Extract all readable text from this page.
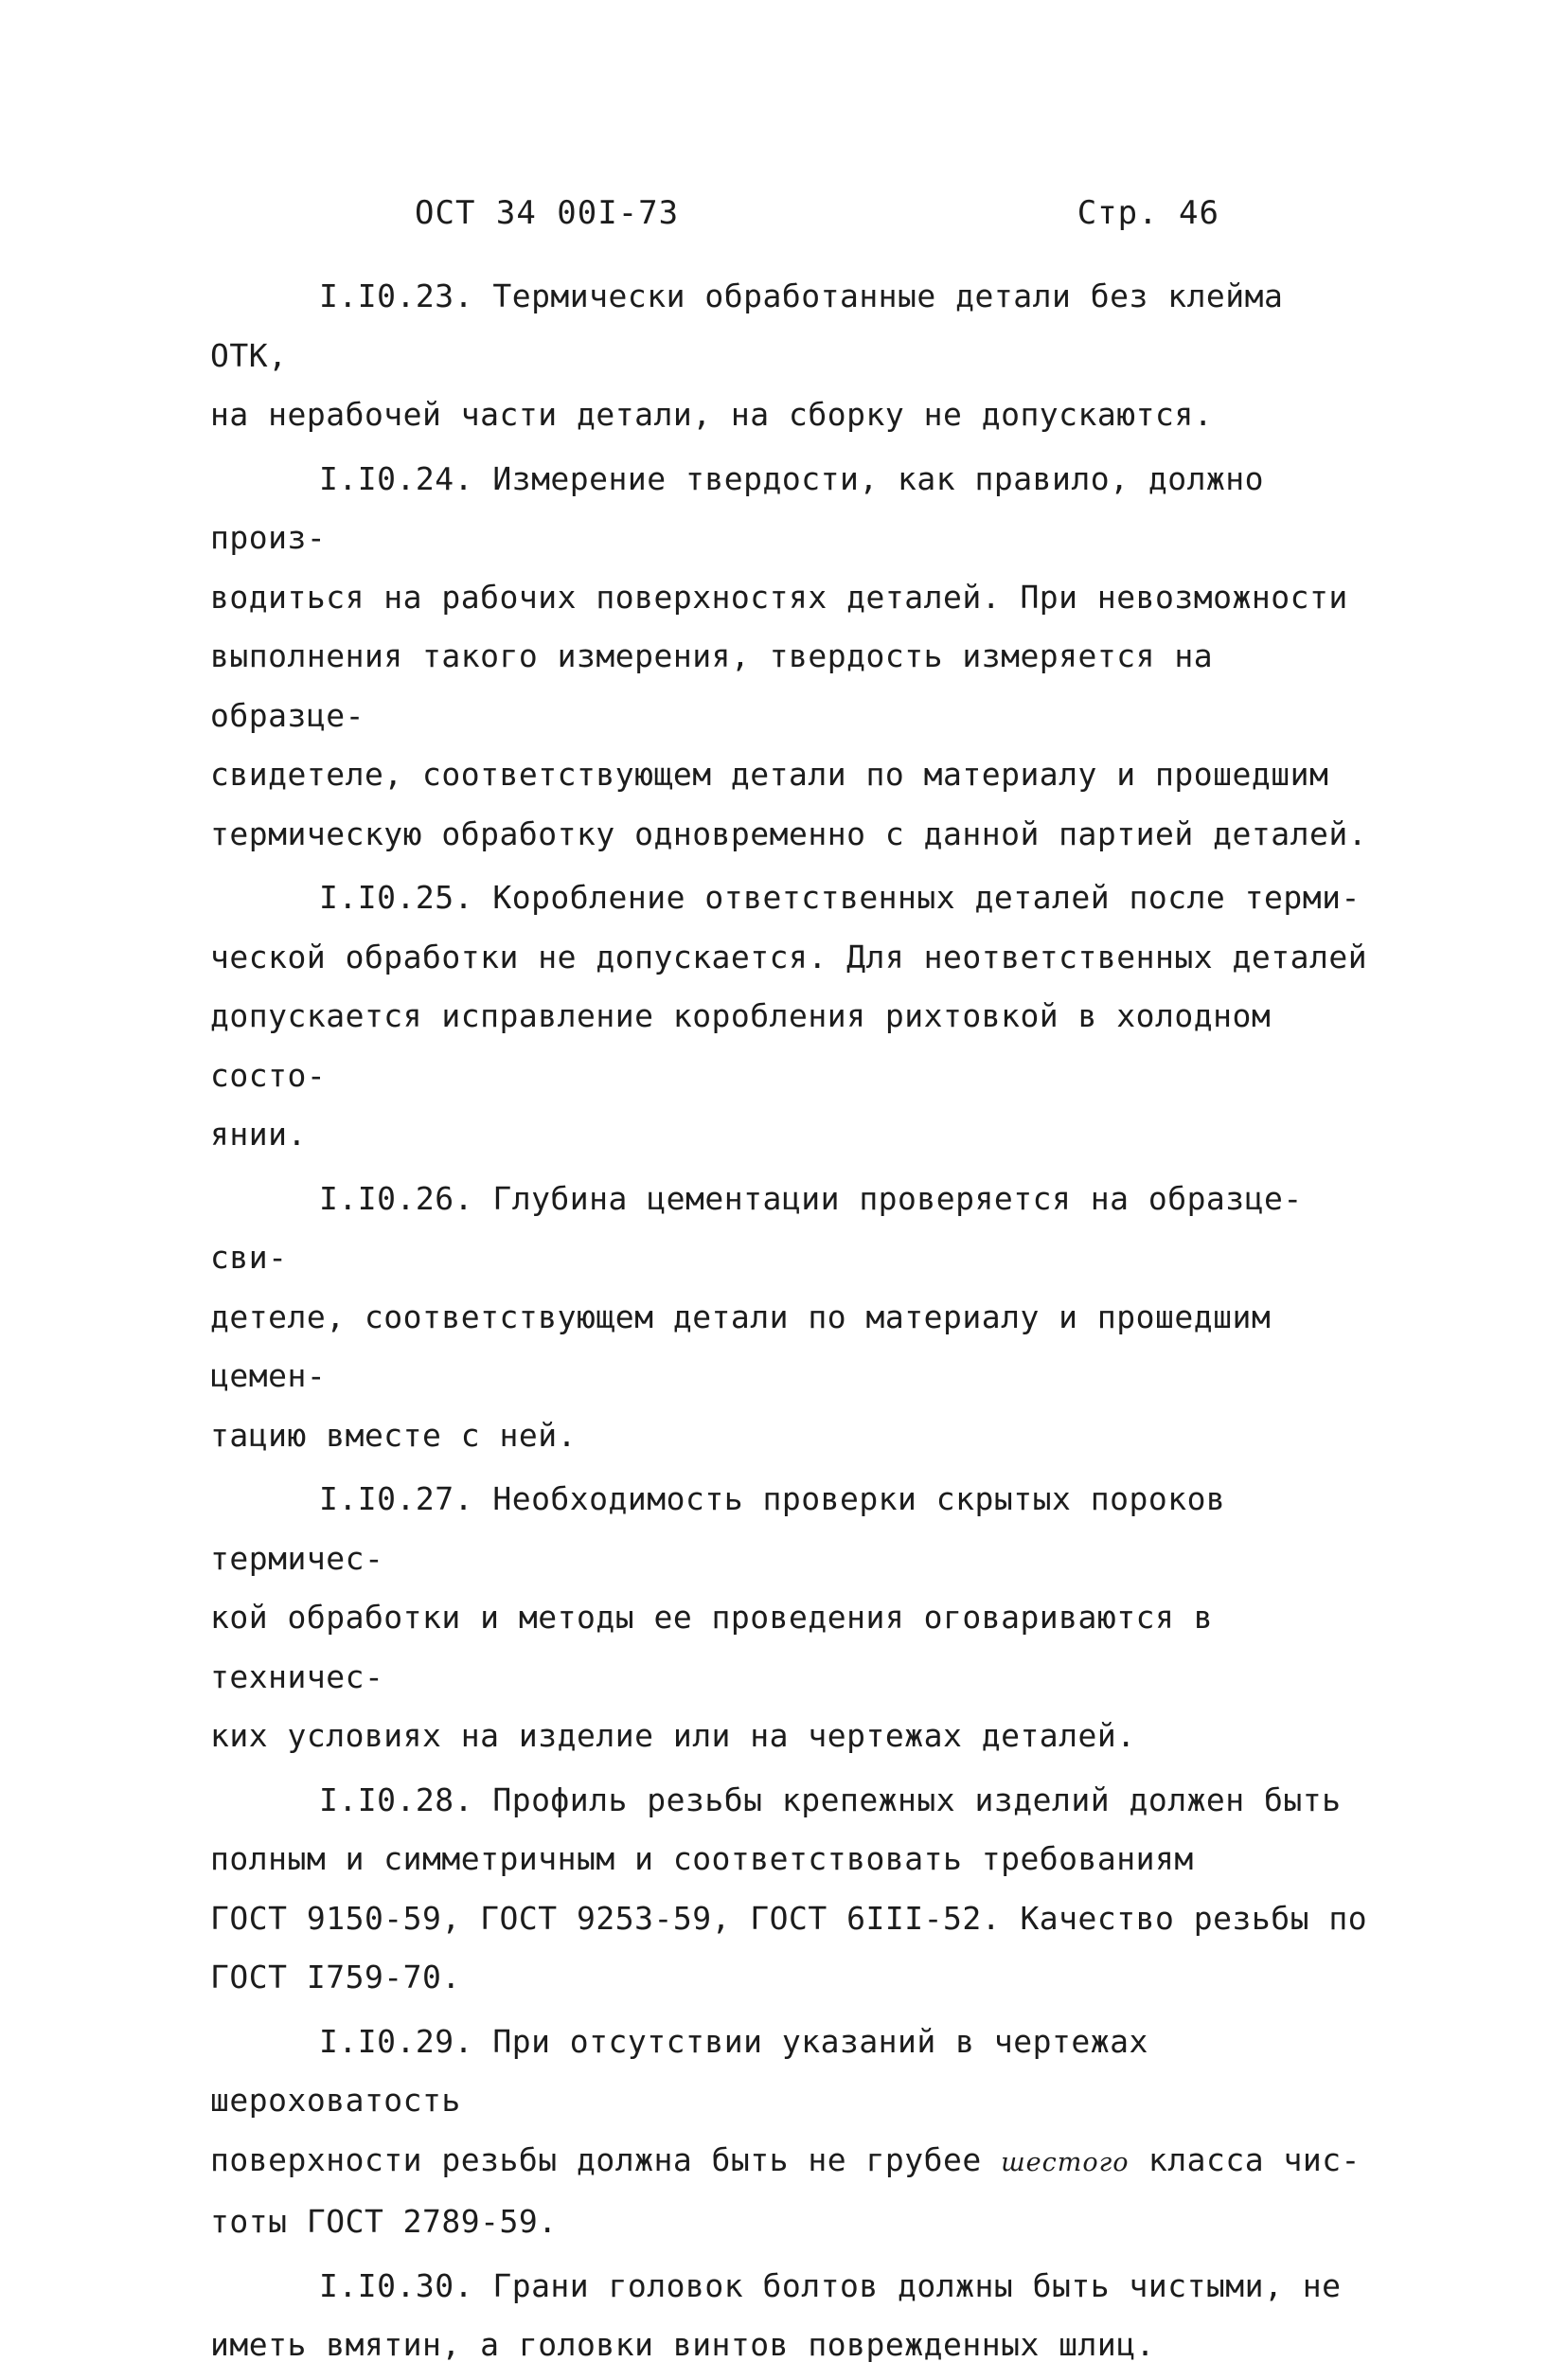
ОСТ 34 00I-73	Стр. 46

I.I0.23. Термически обработанные детали без клейма ОТК,
на нерабочей части детали, на сборку не допускаются.

I.I0.24. Измерение твердости, как правило, должно произ-
водиться на рабочих поверхностях деталей. При невозможности
выполнения такого измерения, твердость измеряется на образце-
свидетеле, соответствующем детали по материалу и прошедшим
термическую обработку одновременно с данной партией деталей.

I.I0.25. Коробление ответственных деталей после терми-
ческой обработки не допускается. Для неответственных деталей
допускается исправление коробления рихтовкой в холодном состо-
янии.

I.I0.26. Глубина цементации проверяется на образце-сви-
детеле, соответствующем детали по материалу и прошедшим цемен-
тацию вместе с ней.

I.I0.27. Необходимость проверки скрытых пороков термичес-
кой обработки и методы ее проведения оговариваются в техничес-
ких условиях на изделие или на чертежах деталей.

I.I0.28. Профиль резьбы крепежных изделий должен быть
полным и симметричным и соответствовать требованиям
ГОСТ 9150-59, ГОСТ 9253-59, ГОСТ 6III-52. Качество резьбы по
ГОСТ I759-70.

I.I0.29. При отсутствии указаний в чертежах шероховатость
поверхности резьбы должна быть не грубее шестого класса чис-
тоты ГОСТ 2789-59.

I.I0.30. Грани головок болтов должны быть чистыми, не
иметь вмятин, а головки винтов поврежденных шлиц.
